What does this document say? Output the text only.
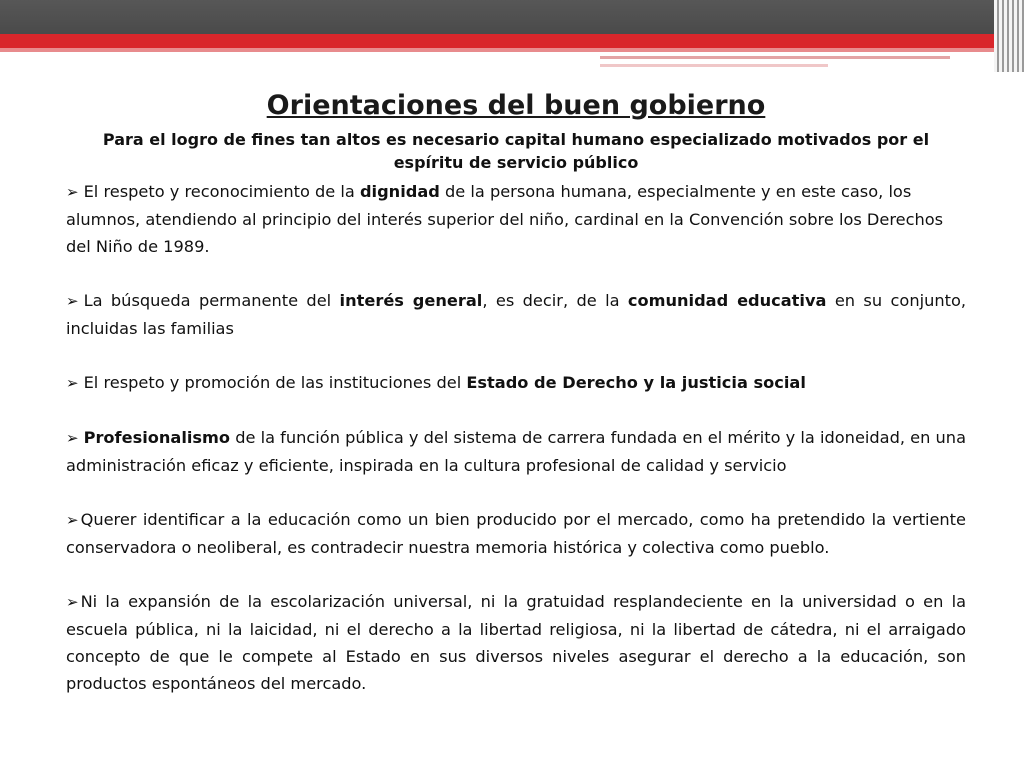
Orientaciones del buen gobierno

Para el logro de fines tan altos es necesario capital humano especializado motivados por el espíritu de servicio público

➢ El respeto y reconocimiento de la dignidad de la persona humana, especialmente y en este caso, los alumnos, atendiendo al principio del interés superior del niño, cardinal en la Convención sobre los Derechos del Niño de 1989.
➢ La búsqueda permanente del interés general, es decir, de la comunidad educativa en su conjunto, incluidas las familias
➢ El respeto y promoción de las instituciones del Estado de Derecho y la justicia social
➢ Profesionalismo de la función pública y del sistema de carrera fundada en el mérito y la idoneidad, en una administración eficaz y eficiente, inspirada en la cultura profesional de calidad y servicio
➢ Querer identificar a la educación como un bien producido por el mercado, como ha pretendido la vertiente conservadora o neoliberal, es contradecir nuestra memoria histórica y colectiva como pueblo.
➢ Ni la expansión de la escolarización universal, ni la gratuidad resplandeciente en la universidad o en la escuela pública, ni la laicidad, ni el derecho a la libertad religiosa, ni la libertad de cátedra, ni el arraigado concepto de que le compete al Estado en sus diversos niveles asegurar el derecho a la educación, son productos espontáneos del mercado.
